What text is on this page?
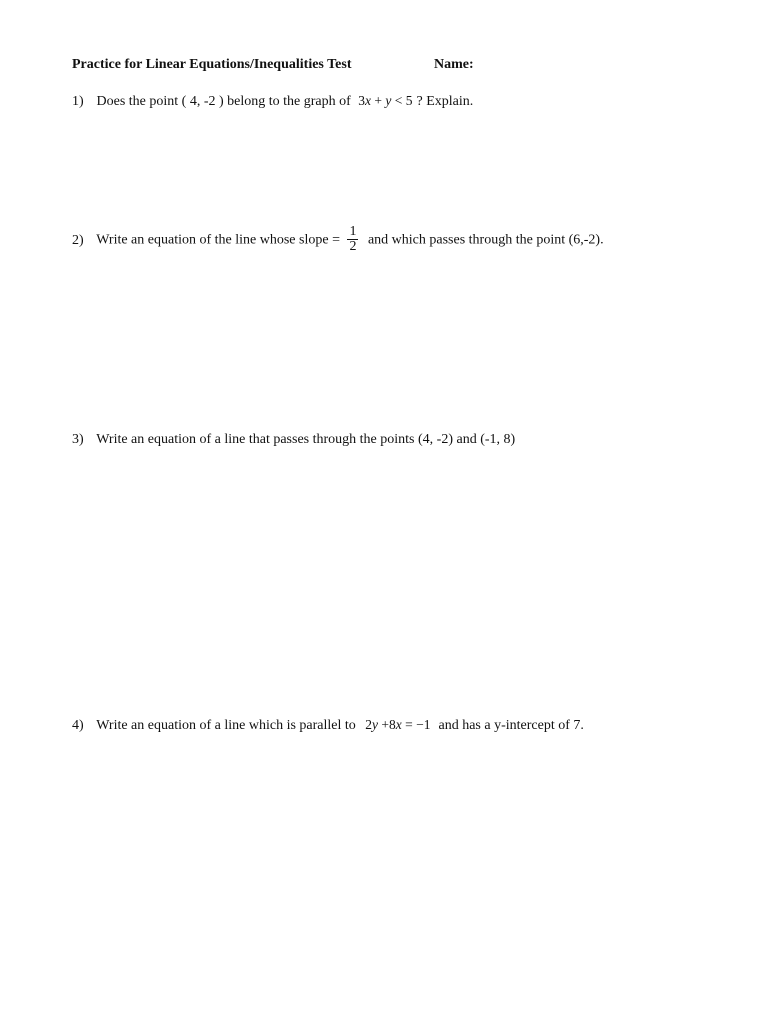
Practice for Linear Equations/Inequalities Test	Name:
1) Does the point ( 4, -2 ) belong to the graph of 3x + y < 5 ? Explain.
2) Write an equation of the line whose slope = $\frac{1}{2}$ and which passes through the point (6,-2).
3) Write an equation of a line that passes through the points (4, -2) and (-1, 8)
4) Write an equation of a line which is parallel to 2y +8x = −1 and has a y-intercept of 7.
